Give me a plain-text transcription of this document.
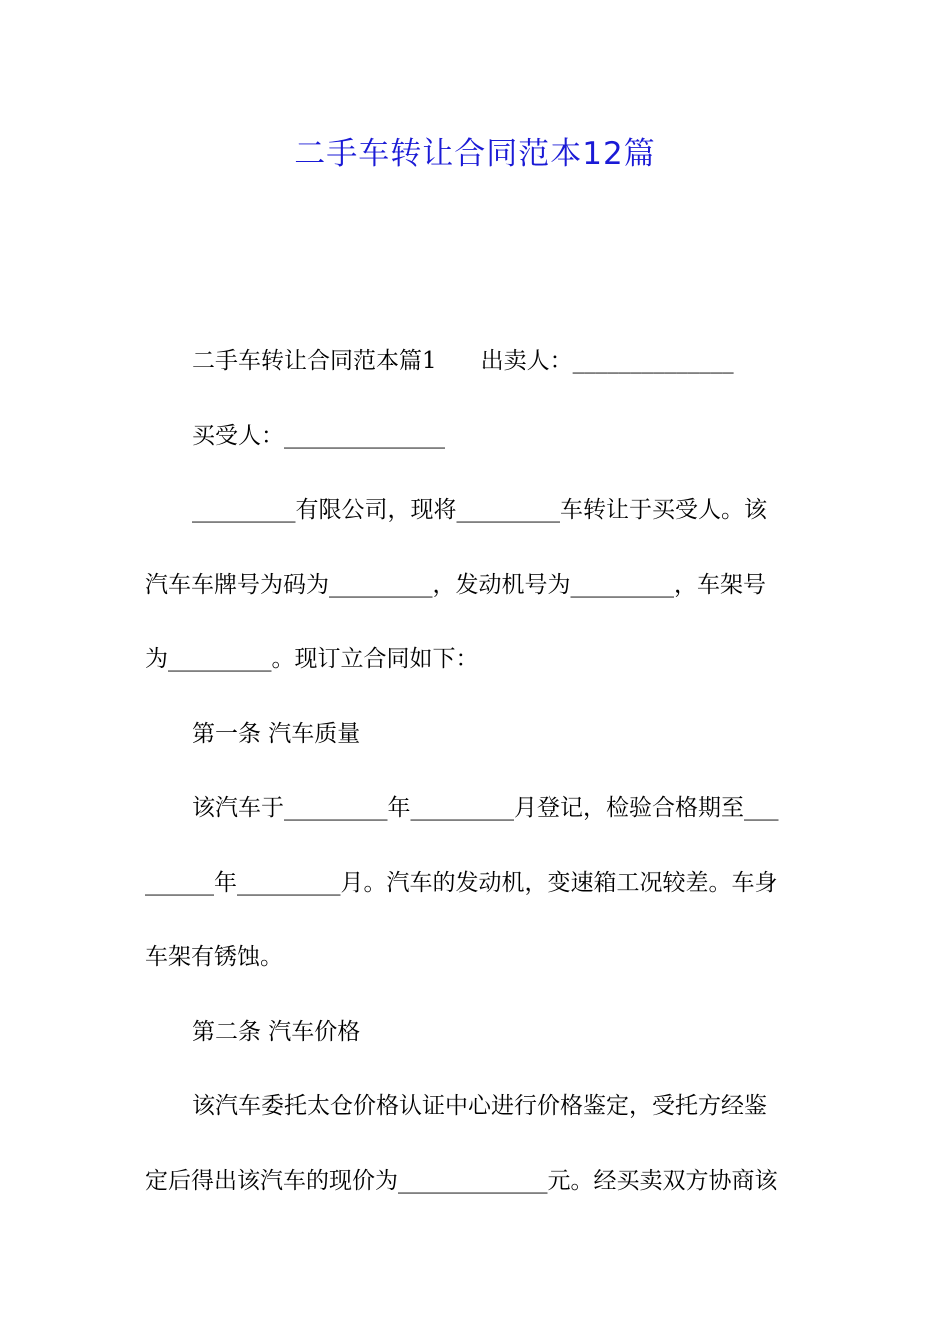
二手车转让合同范本12篇
二手车转让合同范本篇1 出卖人：______________
买受人：______________
_________有限公司，现将_________车转让于买受人。该
汽车车牌号为码为_________，发动机号为_________，车架号
为_________。现订立合同如下：
第一条 汽车质量
该汽车于_________年_________月登记，检验合格期至___
______年_________月。汽车的发动机，变速箱工况较差。车身
车架有锈蚀。
第二条 汽车价格
该汽车委托太仓价格认证中心进行价格鉴定，受托方经鉴
定后得出该汽车的现价为_____________元。经买卖双方协商该
